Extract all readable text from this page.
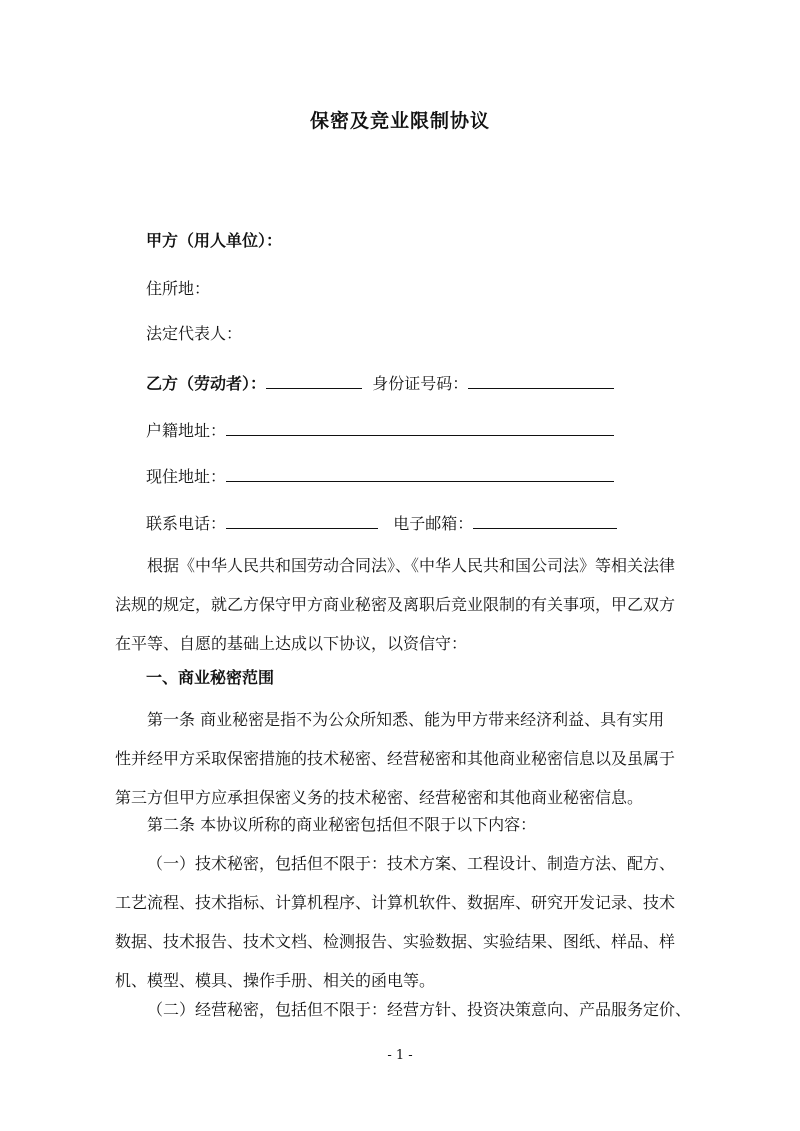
保密及竞业限制协议
甲方（用人单位）：
住所地：
法定代表人：
乙方（劳动者）：	身份证号码：
户籍地址：
现住地址：
联系电话：	电子邮箱：
根据《中华人民共和国劳动合同法》、《中华人民共和国公司法》等相关法律
法规的规定，就乙方保守甲方商业秘密及离职后竞业限制的有关事项，甲乙双方
在平等、自愿的基础上达成以下协议，以资信守：
一、商业秘密范围
第一条 商业秘密是指不为公众所知悉、能为甲方带来经济利益、具有实用
性并经甲方采取保密措施的技术秘密、经营秘密和其他商业秘密信息以及虽属于
第三方但甲方应承担保密义务的技术秘密、经营秘密和其他商业秘密信息。
第二条 本协议所称的商业秘密包括但不限于以下内容：
（一）技术秘密，包括但不限于：技术方案、工程设计、制造方法、配方、
工艺流程、技术指标、计算机程序、计算机软件、数据库、研究开发记录、技术
数据、技术报告、技术文档、检测报告、实验数据、实验结果、图纸、样品、样
机、模型、模具、操作手册、相关的函电等。
（二）经营秘密，包括但不限于：经营方针、投资决策意向、产品服务定价、
- 1 -
